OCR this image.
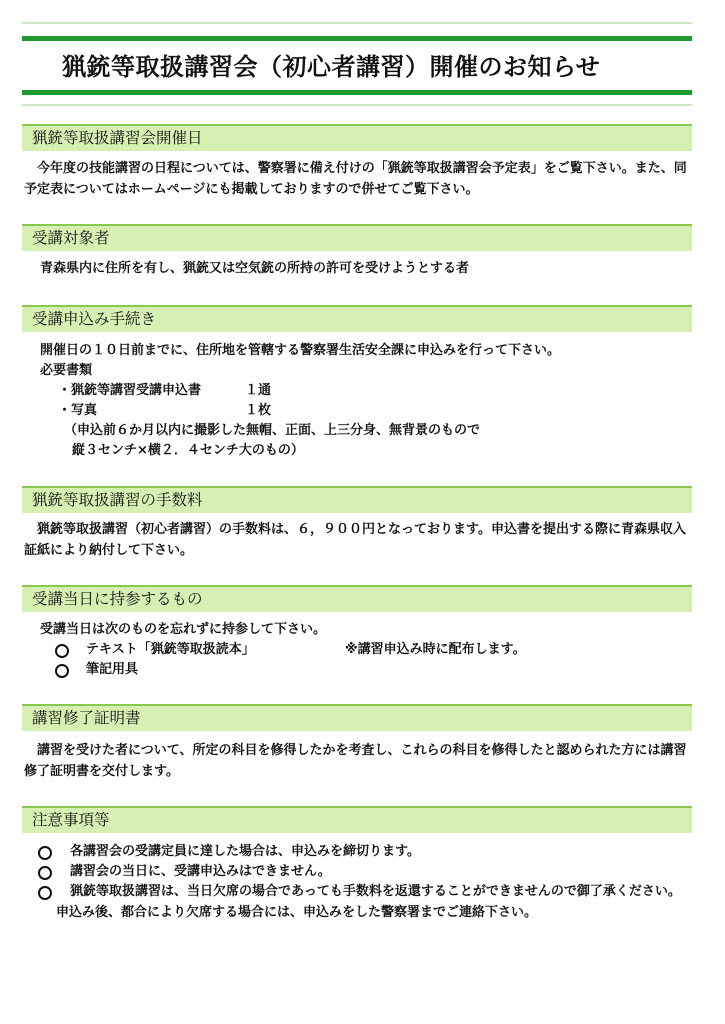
猟銃等取扱講習会（初心者講習）開催のお知らせ
猟銃等取扱講習会開催日

　今年度の技能講習の日程については、警察署に備え付けの「猟銃等取扱講習会予定表」をご覧下さい。また、同予定表についてはホームページにも掲載しておりますので併せてご覧下さい。

受講対象者

青森県内に住所を有し、猟銃又は空気銃の所持の許可を受けようとする者

受講申込み手続き
開催日の１０日前までに、住所地を管轄する警察署生活安全課に申込みを行って下さい。
必要書類
・猟銃等講習受講申込書	１通
・写真	１枚
（申込前６か月以内に撮影した無帽、正面、上三分身、無背景のもので
縦３センチ×横２．４センチ大のもの）
猟銃等取扱講習の手数料

　猟銃等取扱講習（初心者講習）の手数料は、６，９００円となっております。申込書を提出する際に青森県収入証紙により納付して下さい。

受講当日に持参するもの
受講当日は次のものを忘れずに持参して下さい。
テキスト「猟銃等取扱読本」	※講習申込み時に配布します。
筆記用具
講習修了証明書

　講習を受けた者について、所定の科目を修得したかを考査し、これらの科目を修得したと認められた方には講習修了証明書を交付します。

注意事項等
各講習会の受講定員に達した場合は、申込みを締切ります。
講習会の当日に、受講申込みはできません。

猟銃等取扱講習は、当日欠席の場合であっても手数料を返還することができませんので御了承ください。申込み後、都合により欠席する場合には、申込みをした警察署までご連絡下さい。
